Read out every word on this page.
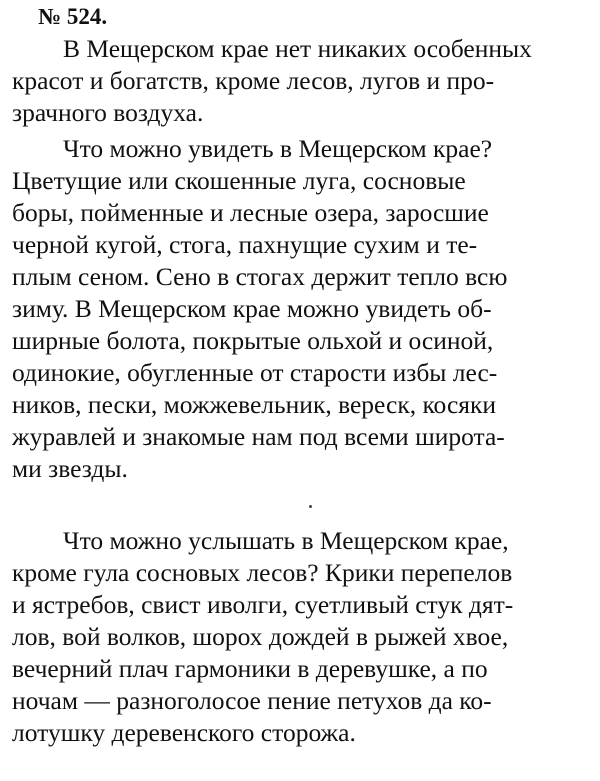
№ 524.
В Мещерском крае нет никаких особенных
красот и богатств, кроме лесов, лугов и про-
зрачного воздуха.
Что можно увидеть в Мещерском крае?
Цветущие или скошенные луга, сосновые
боры, пойменные и лесные озера, заросшие
черной кугой, стога, пахнущие сухим и те-
плым сеном. Сено в стогах держит тепло всю
зиму. В Мещерском крае можно увидеть об-
ширные болота, покрытые ольхой и осиной,
одинокие, обугленные от старости избы лес-
ников, пески, можжевельник, вереск, косяки
журавлей и знакомые нам под всеми широта-
ми звезды.
Что можно услышать в Мещерском крае,
кроме гула сосновых лесов? Крики перепелов
и ястребов, свист иволги, суетливый стук дят-
лов, вой волков, шорох дождей в рыжей хвое,
вечерний плач гармоники в деревушке, а по
ночам — разноголосое пение петухов да ко-
лотушку деревенского сторожа.
